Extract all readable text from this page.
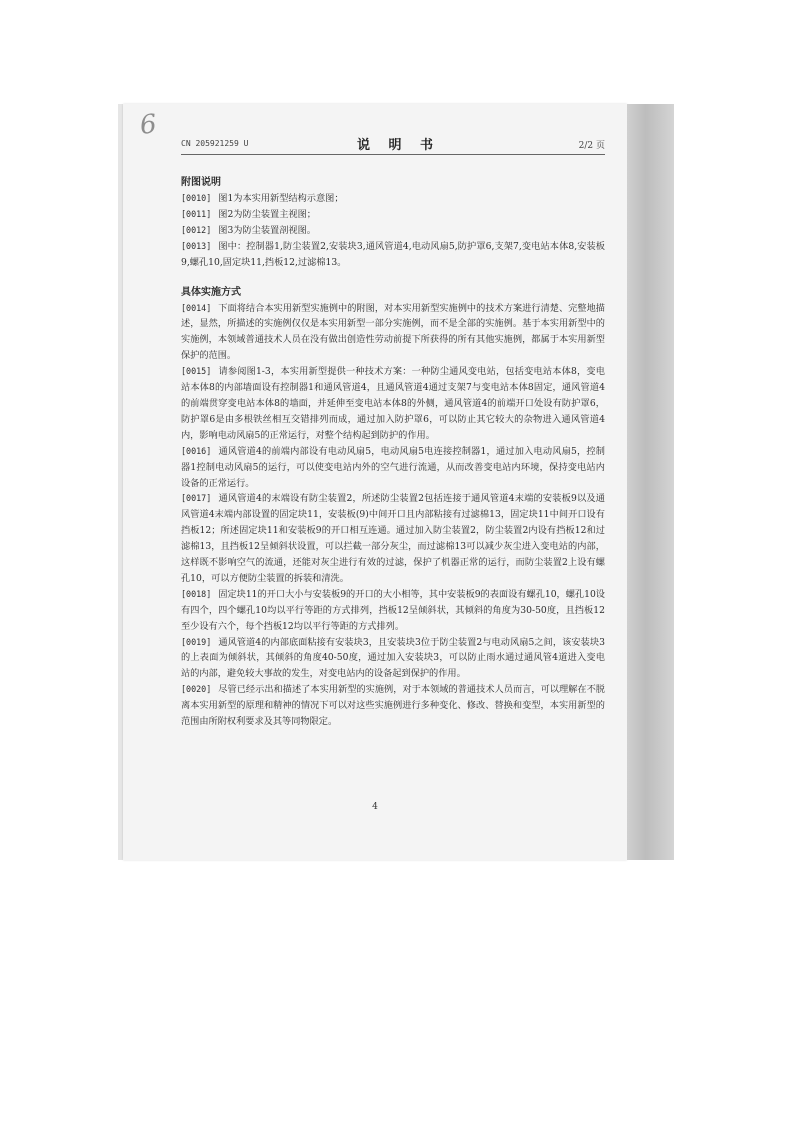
6
CN 205921259 U	说 明 书	2/2 页

附图说明

[0010] 图1为本实用新型结构示意图；

[0011] 图2为防尘装置主视图；

[0012] 图3为防尘装置剖视图。

[0013] 图中：控制器1,防尘装置2,安装块3,通风管道4,电动风扇5,防护罩6,支架7,变电站本体8,安装板9,螺孔10,固定块11,挡板12,过滤棉13。

具体实施方式

[0014] 下面将结合本实用新型实施例中的附图，对本实用新型实施例中的技术方案进行清楚、完整地描述，显然，所描述的实施例仅仅是本实用新型一部分实施例，而不是全部的实施例。基于本实用新型中的实施例，本领域普通技术人员在没有做出创造性劳动前提下所获得的所有其他实施例，都属于本实用新型保护的范围。

[0015] 请参阅图1-3，本实用新型提供一种技术方案：一种防尘通风变电站，包括变电站本体8，变电站本体8的内部墙面设有控制器1和通风管道4，且通风管道4通过支架7与变电站本体8固定，通风管道4的前端贯穿变电站本体8的墙面，并延伸至变电站本体8的外侧，通风管道4的前端开口处设有防护罩6，防护罩6是由多根铁丝相互交错排列而成，通过加入防护罩6，可以防止其它较大的杂物进入通风管道4内，影响电动风扇5的正常运行，对整个结构起到防护的作用。

[0016] 通风管道4的前端内部设有电动风扇5，电动风扇5电连接控制器1，通过加入电动风扇5，控制器1控制电动风扇5的运行，可以使变电站内外的空气进行流通，从而改善变电站内环境，保持变电站内设备的正常运行。

[0017] 通风管道4的末端设有防尘装置2，所述防尘装置2包括连接于通风管道4末端的安装板9以及通风管道4末端内部设置的固定块11，安装板(9)中间开口且内部粘接有过滤棉13，固定块11中间开口设有挡板12；所述固定块11和安装板9的开口相互连通。通过加入防尘装置2，防尘装置2内设有挡板12和过滤棉13，且挡板12呈倾斜状设置，可以拦截一部分灰尘，而过滤棉13可以减少灰尘进入变电站的内部，这样既不影响空气的流通，还能对灰尘进行有效的过滤，保护了机器正常的运行，而防尘装置2上设有螺孔10，可以方便防尘装置的拆装和清洗。

[0018] 固定块11的开口大小与安装板9的开口的大小相等，其中安装板9的表面设有螺孔10，螺孔10设有四个，四个螺孔10均以平行等距的方式排列，挡板12呈倾斜状，其倾斜的角度为30-50度，且挡板12至少设有六个，每个挡板12均以平行等距的方式排列。

[0019] 通风管道4的内部底面粘接有安装块3，且安装块3位于防尘装置2与电动风扇5之间，该安装块3的上表面为倾斜状，其倾斜的角度40-50度，通过加入安装块3，可以防止雨水通过通风管4道进入变电站的内部，避免较大事故的发生，对变电站内的设备起到保护的作用。

[0020] 尽管已经示出和描述了本实用新型的实施例，对于本领域的普通技术人员而言，可以理解在不脱离本实用新型的原理和精神的情况下可以对这些实施例进行多种变化、修改、替换和变型，本实用新型的范围由所附权利要求及其等同物限定。

4
